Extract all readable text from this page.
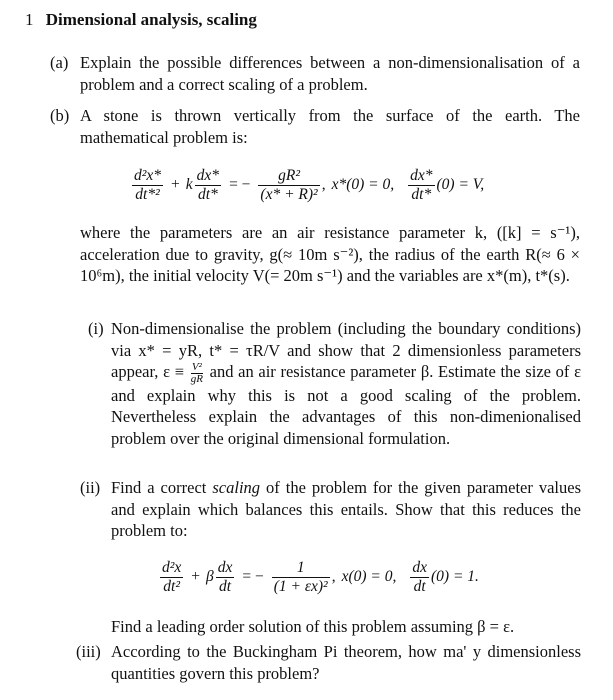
1 Dimensional analysis, scaling
(a) Explain the possible differences between a non-dimensionalisation of a problem and a correct scaling of a problem.
(b) A stone is thrown vertically from the surface of the earth. The mathematical problem is:
$\frac{\text{d²x*}}{\text{dt*²}} + k \frac{dx*}{dt*}$ = − $\frac{\text{gR²}}{\text{(x* + R)²}}$ , x*(0) = 0, $\frac{dx*}{dt*} (0) = V$,
where the parameters are an air resistance parameter k, ([k] = s⁻¹), acceleration due to gravity, g(≈ 10m s⁻²), the radius of the earth R(≈ 6 × 10⁶m), the initial velocity V(= 20m s⁻¹) and the variables are x*(m), t*(s).
(i) Non-dimensionalise the problem (including the boundary conditions) via x* = yR, t* = τR/V and show that 2 dimensionless parameters appear, $\varepsilon \equiv \frac{\text{V²}}{gR}$ and an air resistance parameter β. Estimate the size of ε and explain why this is not a good scaling of the problem. Nevertheless explain the advantages of this non-dimenionalised problem over the original dimensional formulation.
(ii) Find a correct scaling of the problem for the given parameter values and explain which balances this entails. Show that this reduces the problem to:
$\frac{\text{d²x}}{\text{dt²}} + \beta \frac{dx}{dt}$ = − $\frac{1}{\text{(1 + εx)²}}$ , x(0) = 0, $\frac{dx}{dt} (0) = 1$.
Find a leading order solution of this problem assuming β = ε.
(iii) According to the Buckingham Pi theorem, how ma' y dimensionless quantities govern this problem?
